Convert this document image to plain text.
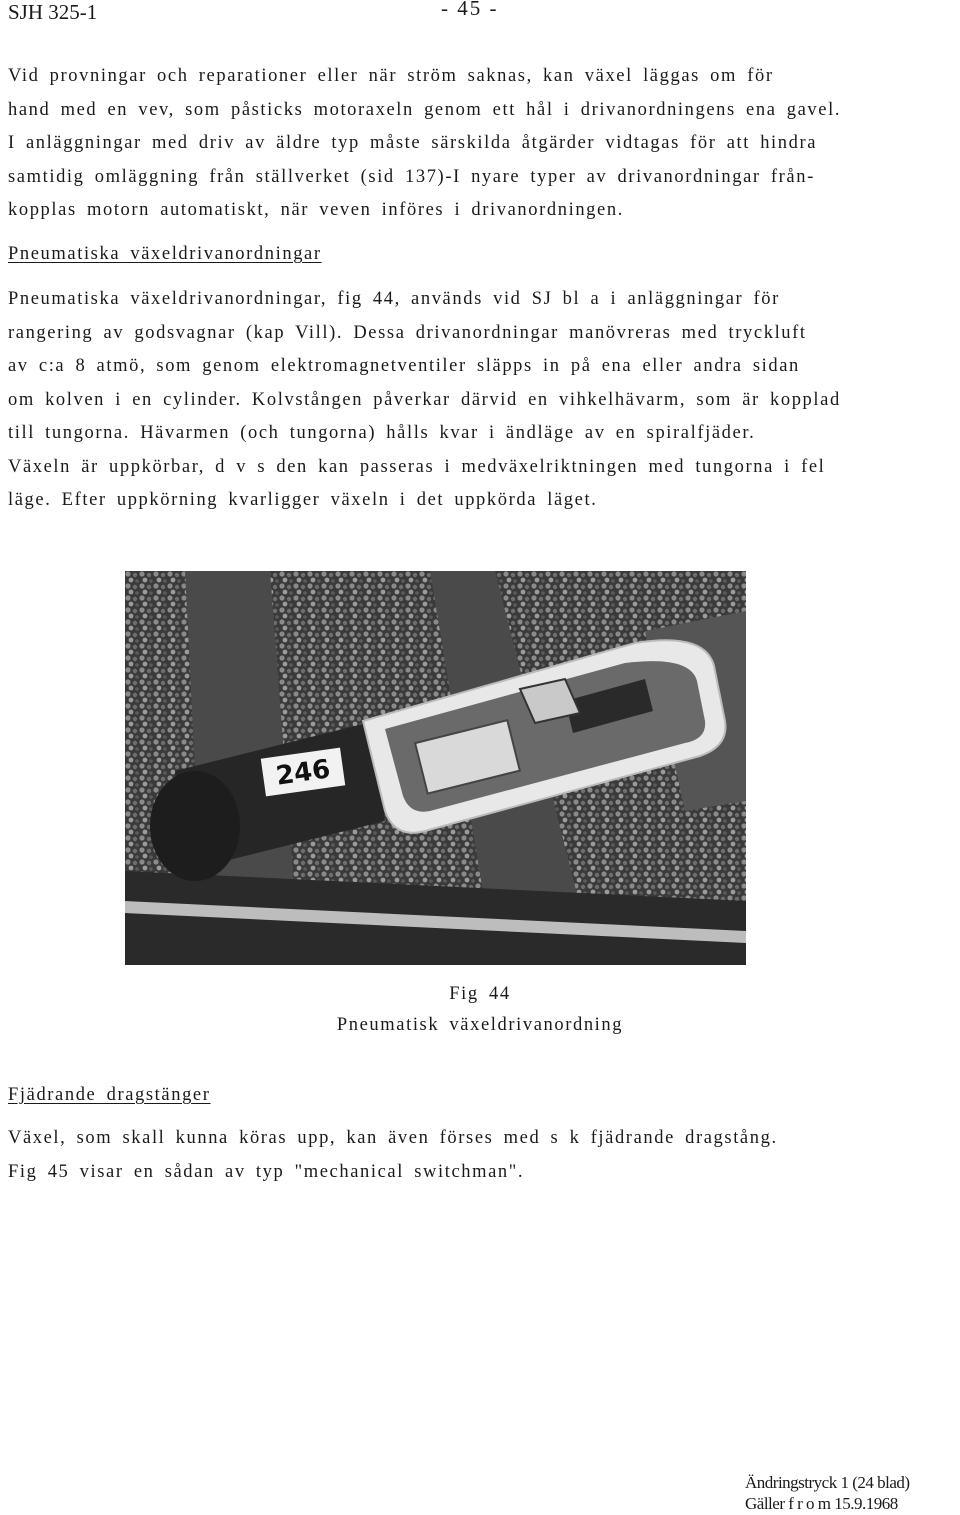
SJH 325-1	- 45 -
Vid provningar och reparationer eller när ström saknas, kan växel läggas om för
hand med en vev, som påsticks motoraxeln genom ett hål i drivanordningens ena gavel.
I anläggningar med driv av äldre typ måste särskilda åtgärder vidtagas för att hindra
samtidig omläggning från ställverket (sid 137)-I nyare typer av drivanordningar från-
kopplas motorn automatiskt, när veven införes i drivanordningen.
Pneumatiska växeldrivanordningar
Pneumatiska växeldrivanordningar, fig 44, används vid SJ bl a i anläggningar för
rangering av godsvagnar (kap Vill). Dessa drivanordningar manövreras med tryckluft
av c:a 8 atmö, som genom elektromagnetventiler släpps in på ena eller andra sidan
om kolven i en cylinder. Kolvstången påverkar därvid en vihkelhävarm, som är kopplad
till tungorna. Hävarmen (och tungorna) hålls kvar i ändläge av en spiralfjäder.
Växeln är uppkörbar, d v s den kan passeras i medväxelriktningen med tungorna i fel
läge. Efter uppkörning kvarligger växeln i det uppkörda läget.
246
Fig 44
Pneumatisk växeldrivanordning
Fjädrande dragstänger
Växel, som skall kunna köras upp, kan även förses med s k fjädrande dragstång.
Fig 45 visar en sådan av typ "mechanical switchman".
Ändringstryck 1 (24 blad)
Gäller f r o m 15.9.1968
